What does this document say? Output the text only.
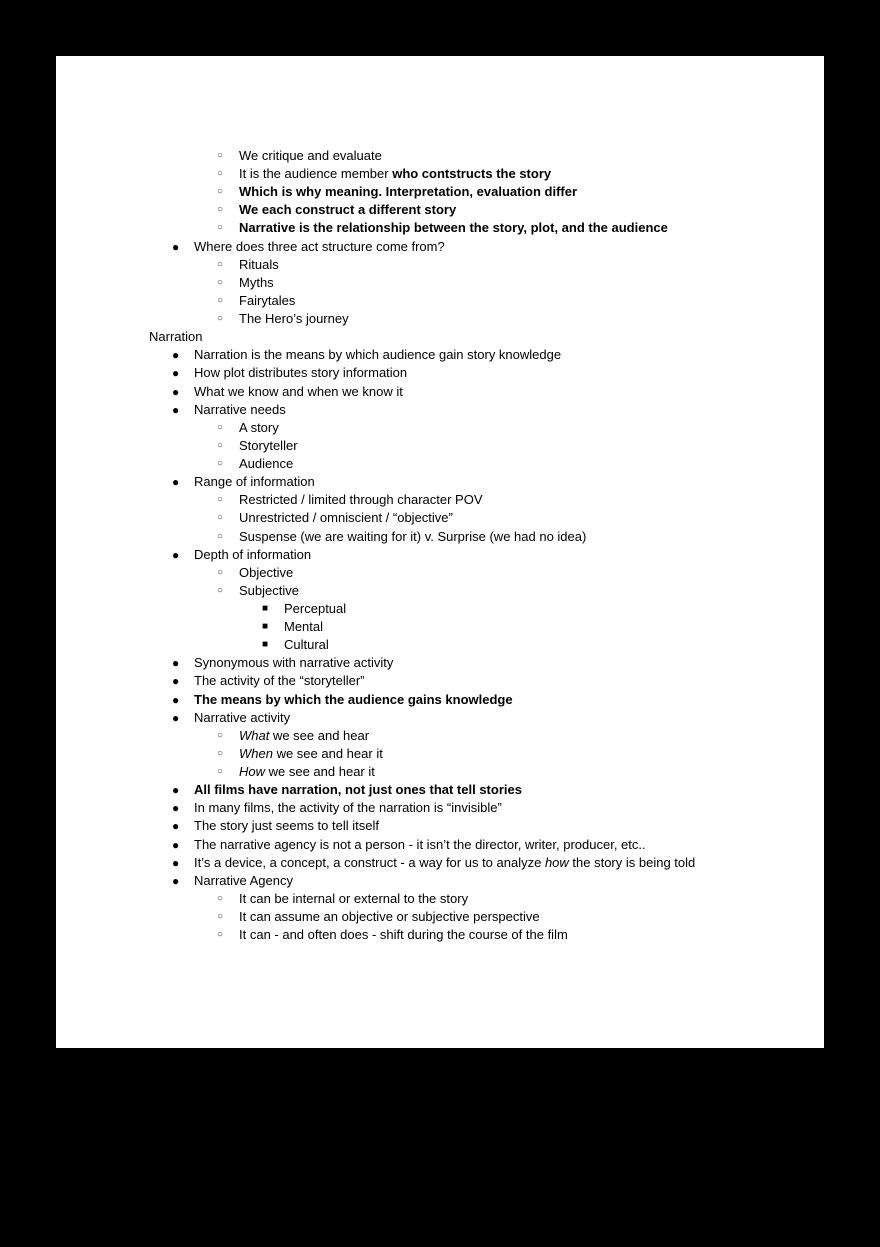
○ We critique and evaluate
○ It is the audience member who contstructs the story
○ Which is why meaning. Interpretation, evaluation differ
○ We each construct a different story
○ Narrative is the relationship between the story, plot, and the audience
● Where does three act structure come from?
○ Rituals
○ Myths
○ Fairytales
○ The Hero’s journey
Narration
● Narration is the means by which audience gain story knowledge
● How plot distributes story information
● What we know and when we know it
● Narrative needs
○ A story
○ Storyteller
○ Audience
● Range of information
○ Restricted / limited through character POV
○ Unrestricted / omniscient / “objective”
○ Suspense (we are waiting for it) v. Surprise (we had no idea)
● Depth of information
○ Objective
○ Subjective
■ Perceptual
■ Mental
■ Cultural
● Synonymous with narrative activity
● The activity of the “storyteller”
● The means by which the audience gains knowledge
● Narrative activity
○ What we see and hear
○ When we see and hear it
○ How we see and hear it
● All films have narration, not just ones that tell stories
● In many films, the activity of the narration is “invisible”
● The story just seems to tell itself
● The narrative agency is not a person - it isn’t the director, writer, producer, etc..
● It’s a device, a concept, a construct - a way for us to analyze how the story is being told
● Narrative Agency
○ It can be internal or external to the story
○ It can assume an objective or subjective perspective
○ It can - and often does - shift during the course of the film
